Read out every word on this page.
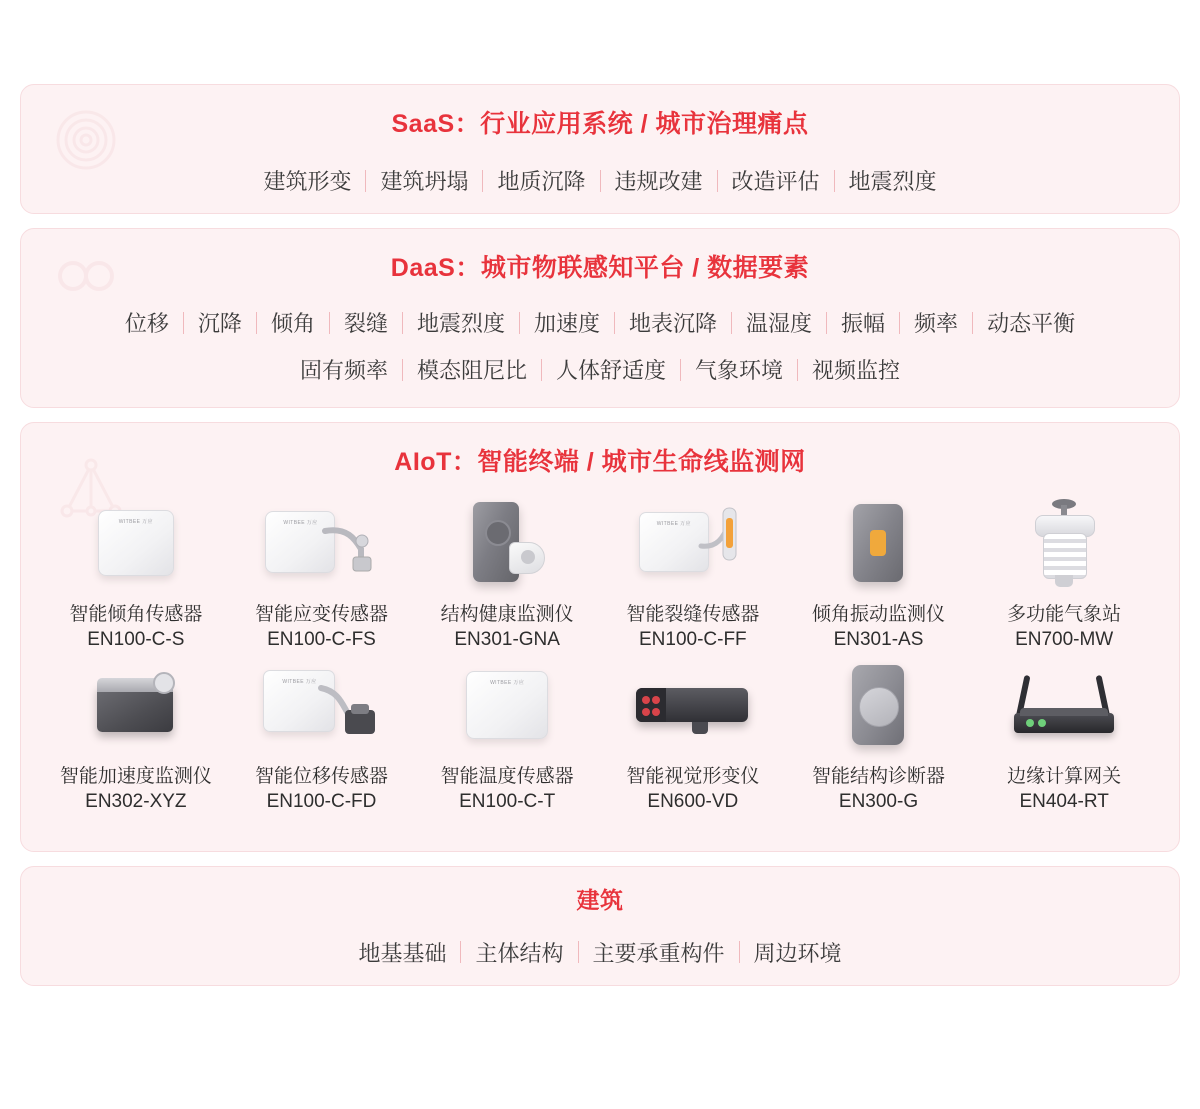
SaaS：行业应用系统 / 城市治理痛点
建筑形变	建筑坍塌	地质沉降	违规改建	改造评估	地震烈度
DaaS：城市物联感知平台 / 数据要素
位移	沉降	倾角	裂缝	地震烈度	加速度	地表沉降	温湿度	振幅	频率	动态平衡
固有频率	模态阻尼比	人体舒适度	气象环境	视频监控
AIoT：智能终端 / 城市生命线监测网
WITBEE 万应
智能倾角传感器
EN100-C-S
WITBEE 万应
智能应变传感器
EN100-C-FS
结构健康监测仪
EN301-GNA
WITBEE 万应
智能裂缝传感器
EN100-C-FF
倾角振动监测仪
EN301-AS
多功能气象站
EN700-MW
智能加速度监测仪
EN302-XYZ
WITBEE 万应
智能位移传感器
EN100-C-FD
WITBEE 万应
智能温度传感器
EN100-C-T
智能视觉形变仪
EN600-VD
智能结构诊断器
EN300-G
边缘计算网关
EN404-RT
建筑
地基基础	主体结构	主要承重构件	周边环境
